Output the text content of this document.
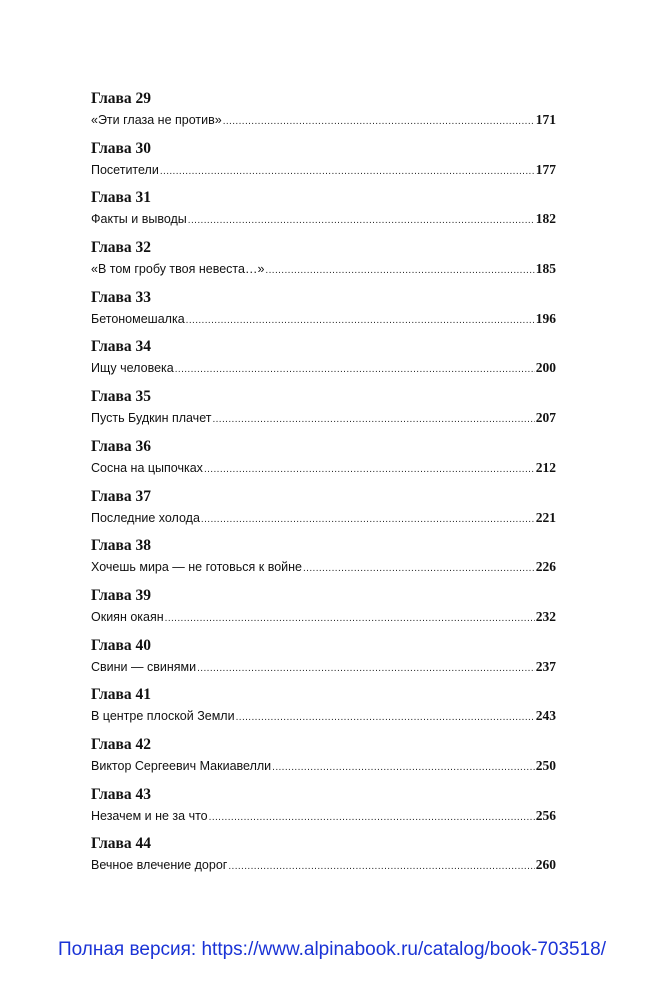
Глава 29
«Эти глаза не против» .....	171
Глава 30
Посетители .....	177
Глава 31
Факты и выводы .....	182
Глава 32
«В том гробу твоя невеста…» .....	185
Глава 33
Бетономешалка .....	196
Глава 34
Ищу человека .....	200
Глава 35
Пусть Будкин плачет .....	207
Глава 36
Сосна на цыпочках .....	212
Глава 37
Последние холода .....	221
Глава 38
Хочешь мира — не готовься к войне .....	226
Глава 39
Окиян окаян .....	232
Глава 40
Свини — свинями .....	237
Глава 41
В центре плоской Земли .....	243
Глава 42
Виктор Сергеевич Макиавелли .....	250
Глава 43
Незачем и не за что .....	256
Глава 44
Вечное влечение дорог .....	260
Полная версия: https://www.alpinabook.ru/catalog/book-703518/
